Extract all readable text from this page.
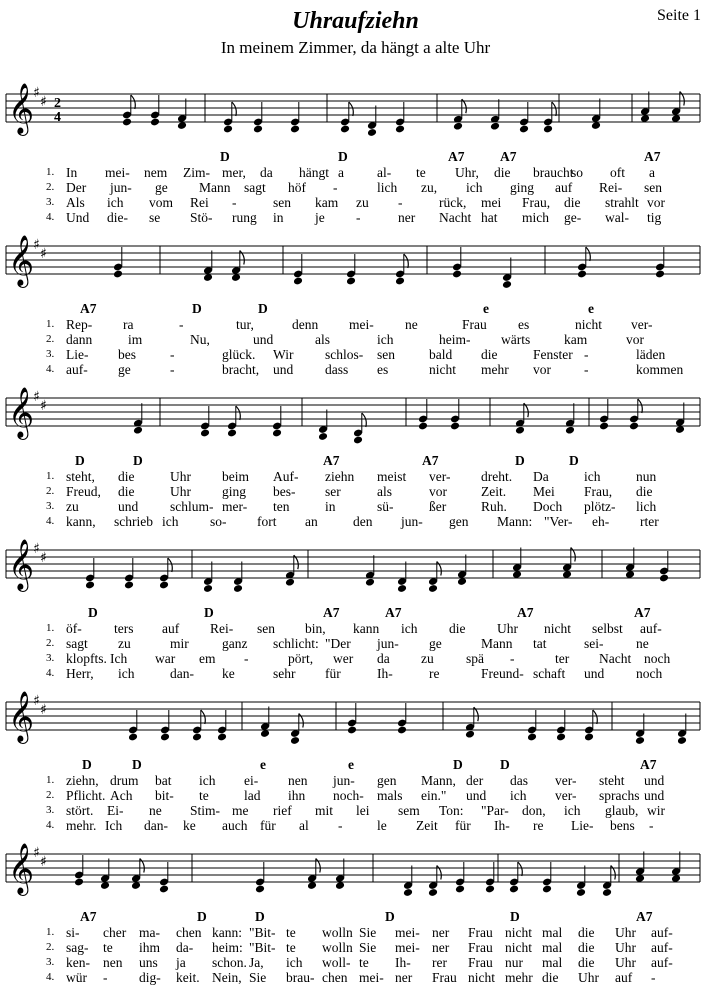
Uhraufziehn
In meinem Zimmer, da hängt a alte Uhr
Seite 1
𝄞
♯
♯ 2
4
𝄞
♯
♯
𝄞
♯
♯
𝄞
♯
♯
𝄞
♯
♯
𝄞
♯
♯
D	D	A7	A7	A7
1. In mei- nem Zim- mer, da hängt a al- te Uhr, die braucht
so oft a
2. Der jun- ge Mann sagt höf -	lich zu, ich ging auf Rei- sen
3. Als ich vom Rei -	sen kam zu -	rück, mei Frau, die strahlt vor
4. Und die- se Stö- rung in je -	ner Nacht hat mich ge- wal- tig
A7	D	D	e	e
1. Rep- ra	-	tur,	denn mei- ne	Frau es	nicht ver-
2. dann	im	Nu,	und	als	ich	heim- wärts	kam	vor
3. Lie- bes	-	glück. Wir schlos- sen	bald die	Fenster -	läden
4. auf- ge	-	bracht, und dass es	nicht mehr vor -	kommen
D	D	A7	A7	D	D
1. steht, die	Uhr beim Auf- ziehn meist ver- dreht. Da	ich	nun
2. Freud, die	Uhr ging bes- ser	als	vor	Zeit. Mei Frau, die
3. zu	und schlum- mer- ten	in	sü-	ßer	Ruh. Doch plötz- lich
4. kann, schrieb ich so- fort an	den jun- gen Mann: "Ver- eh- rter
D	D	A7	A7	A7	A7
1. öf- ters auf Rei- sen bin, kann ich die Uhr nicht selbst auf-
2. sagt zu	mir ganz schlicht: "Der jun- ge	Mann tat	sei- ne
3. klopfts. Ich war em -	pört, wer da zu spä -	ter Nacht noch
4. Herr, ich	dan- ke	sehr für	Ih-	re	Freund- schaft und noch
D	D	e	e	D	D	A7
1. ziehn, drum bat ich ei- nen jun- gen Mann, der das ver- steht und
2. Pflicht. Ach bit- te	lad ihn noch- mals ein." und ich ver- sprachs und
3. stört. Ei- ne Stim- me rief mit lei sem Ton: "Par- don, ich glaub, wir
4. mehr. Ich dan- ke auch für al -	le Zeit für Ih- re Lie- bens -
A7	D	D	D	D	A7
1. si- cher ma- chen kann: "Bit- te wolln Sie mei- ner Frau nicht mal die Uhr auf-
2. sag- te ihm da- heim: "Bit- te wolln Sie mei- ner Frau nicht mal die Uhr auf-
3. ken- nen uns ja schon. Ja, ich woll- te Ih- rer Frau nur mal die Uhr auf-
4. wür - dig- keit. Nein, Sie brau- chen mei- ner Frau nicht mehr die Uhr auf -
